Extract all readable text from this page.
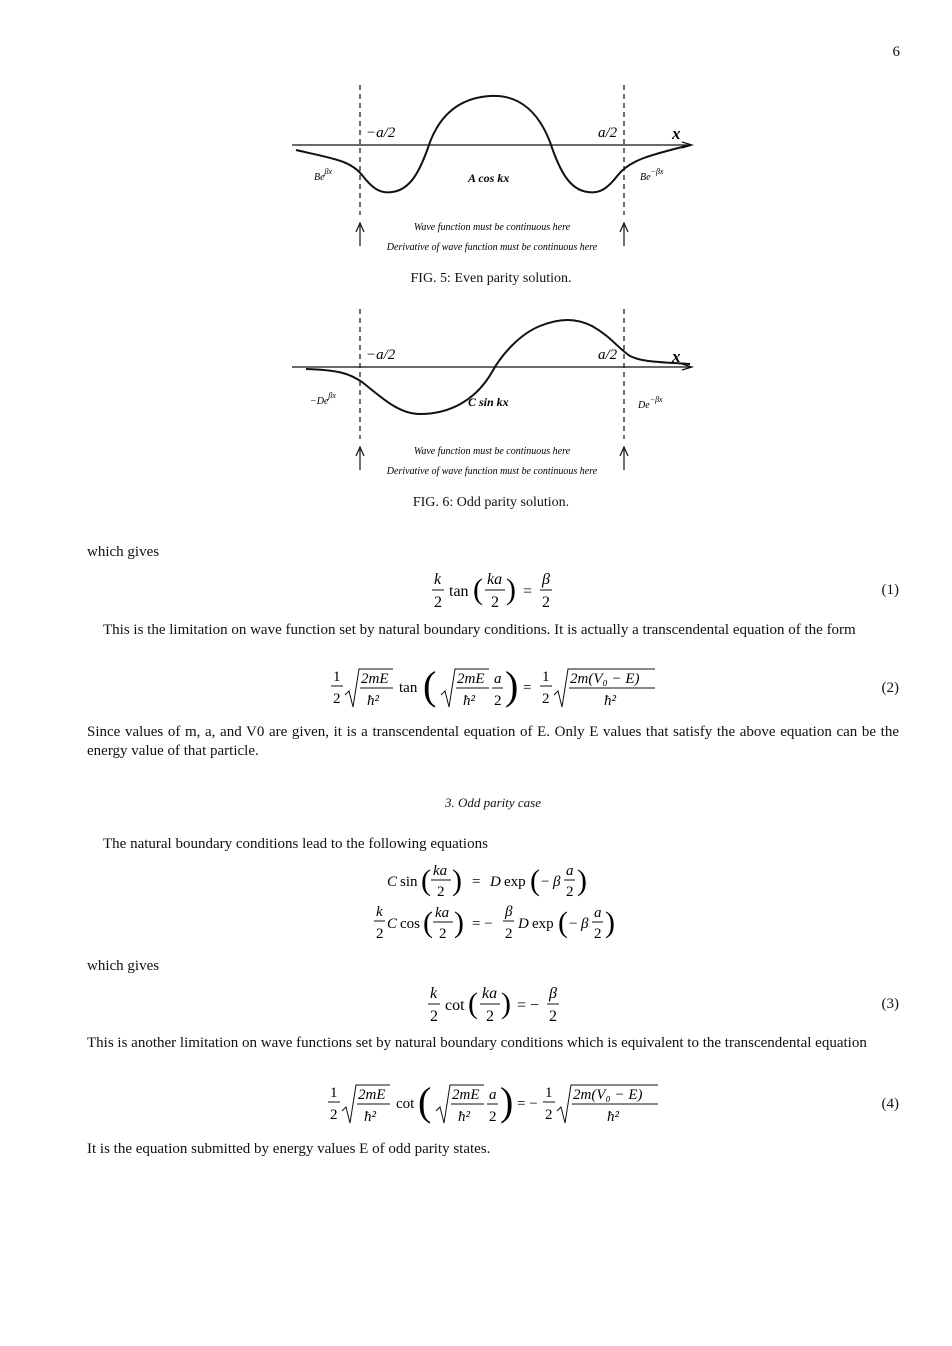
6
−a/2	a/2	x
$Be^{\beta x}$	A cos kx	$Be^{-\beta x}$
Wave function must be continuous here
Derivative of wave function must be continuous here
FIG. 5: Even parity solution.
−a/2	a/2	x
$-De^{\beta x}$	C sin kx	$De^{-\beta x}$
Wave function must be continuous here
Derivative of wave function must be continuous here
FIG. 6: Odd parity solution.
which gives
k
2
tan ( ka
2 ) =
β
2
(1)
This is the limitation on wave function set by natural boundary conditions. It is actually a transcendental equation of the form
1
2
2mE
ħ²
tan ( 2mE
ħ²
a
2 ) =
1
2
2m(V₀ − E)
ħ²
(2)
Since values of m, a, and V0 are given, it is a transcendental equation of E. Only E values that satisfy the above equation can be the energy value of that particle.
3. Odd parity case
The natural boundary conditions lead to the following equations
C sin ( ka
2 ) = D exp ( − β
a
2 )
k
2
C cos ( ka
2 ) = −
β
2
D exp ( − β
a
2 )
which gives
k
2
cot ( ka
2 ) = −
β
2
(3)
This is another limitation on wave functions set by natural boundary conditions which is equivalent to the transcendental equation
1
2
2mE
ħ²
cot ( 2mE
ħ²
a
2 ) = −
1
2
2m(V₀ − E)
ħ²
(4)
It is the equation submitted by energy values E of odd parity states.
